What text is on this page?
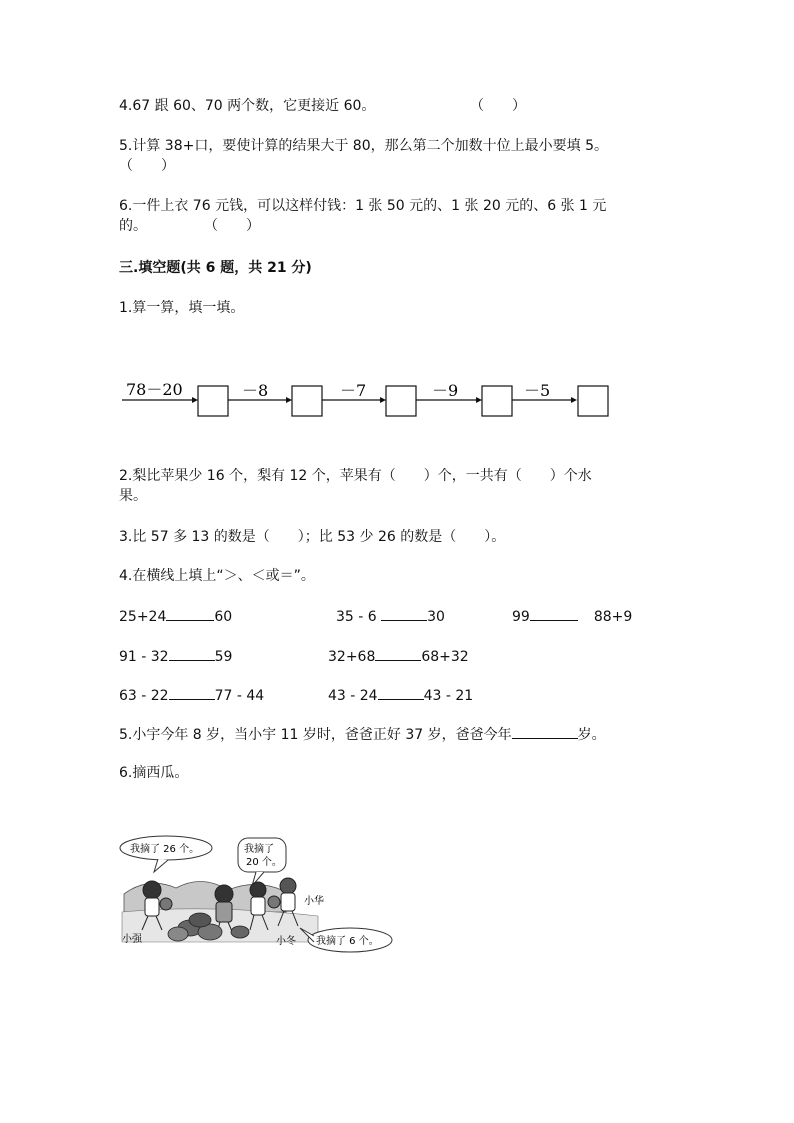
4.67 跟 60、70 两个数，它更接近 60。	（　　）
5.计算 38+口，要使计算的结果大于 80，那么第二个加数十位上最小要填 5。
（　　）
6.一件上衣 76 元钱，可以这样付钱：1 张 50 元的、1 张 20 元的、6 张 1 元
的。	（　　）
三.填空题(共 6 题，共 21 分)
1.算一算，填一填。
78－20	－8	－7	－9	－5
2.梨比苹果少 16 个，梨有 12 个，苹果有（　　）个，一共有（　　）个水
果。
3.比 57 多 13 的数是（　　）；比 53 少 26 的数是（　　）。
4.在横线上填上“＞、＜或＝”。
25+24	60	35 - 6	30	99	88+9
91 - 32	59	32+68	68+32
63 - 22	77 - 44	43 - 24	43 - 21
5.小宇今年 8 岁，当小宇 11 岁时，爸爸正好 37 岁，爸爸今年	岁。
6.摘西瓜。
我摘了 26 个。	我摘了
20 个。
小华
小强	小冬 我摘了 6 个。
